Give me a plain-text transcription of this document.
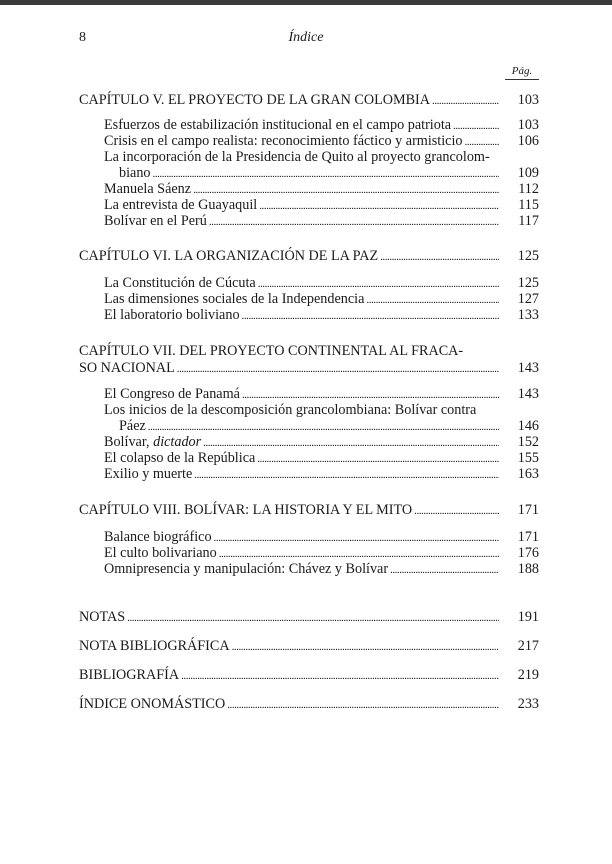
8	Índice
Pág.
CAPÍTULO V. EL PROYECTO DE LA GRAN COLOMBIA . . .	103
Esfuerzos de estabilización institucional en el campo patriota . . .	103
Crisis en el campo realista: reconocimiento fáctico y armisticio . . .	106
La incorporación de la Presidencia de Quito al proyecto grancolom-
biano . . .	109
Manuela Sáenz . . .	112
La entrevista de Guayaquil . . .	115
Bolívar en el Perú . . .	117
CAPÍTULO VI. LA ORGANIZACIÓN DE LA PAZ . . .	125
La Constitución de Cúcuta . . .	125
Las dimensiones sociales de la Independencia . . .	127
El laboratorio boliviano . . .	133
CAPÍTULO VII. DEL PROYECTO CONTINENTAL AL FRACA-
SO NACIONAL . . .	143
El Congreso de Panamá . . .	143
Los inicios de la descomposición grancolombiana: Bolívar contra
Páez . . .	146
Bolívar, dictador . . .	152
El colapso de la República . . .	155
Exilio y muerte . . .	163
CAPÍTULO VIII. BOLÍVAR: LA HISTORIA Y EL MITO . . .	171
Balance biográfico . . .	171
El culto bolivariano . . .	176
Omnipresencia y manipulación: Chávez y Bolívar . . .	188
NOTAS . . .	191
NOTA BIBLIOGRÁFICA . . .	217
BIBLIOGRAFÍA . . .	219
ÍNDICE ONOMÁSTICO . . .	233
